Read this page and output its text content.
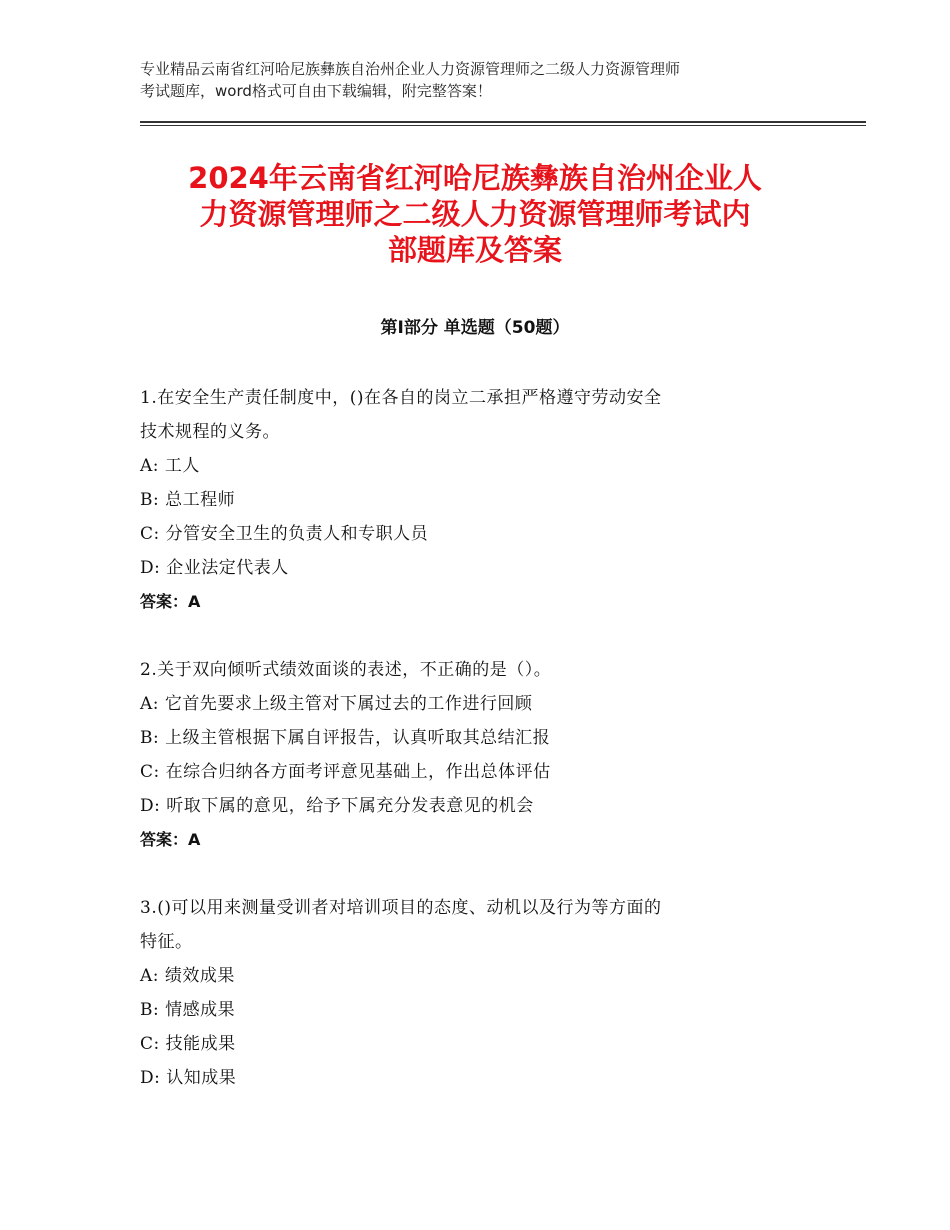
专业精品云南省红河哈尼族彝族自治州企业人力资源管理师之二级人力资源管理师
考试题库，word格式可自由下载编辑，附完整答案！
2024年云南省红河哈尼族彝族自治州企业人
力资源管理师之二级人力资源管理师考试内
部题库及答案
第Ⅰ部分 单选题（50题）
1.在安全生产责任制度中，()在各自的岗立二承担严格遵守劳动安全
技术规程的义务。
A: 工人
B: 总工程师
C: 分管安全卫生的负责人和专职人员
D: 企业法定代表人
答案：A
2.关于双向倾听式绩效面谈的表述，不正确的是（）。
A: 它首先要求上级主管对下属过去的工作进行回顾
B: 上级主管根据下属自评报告，认真听取其总结汇报
C: 在综合归纳各方面考评意见基础上，作出总体评估
D: 听取下属的意见，给予下属充分发表意见的机会
答案：A
3.()可以用来测量受训者对培训项目的态度、动机以及行为等方面的
特征。
A: 绩效成果
B: 情感成果
C: 技能成果
D: 认知成果
